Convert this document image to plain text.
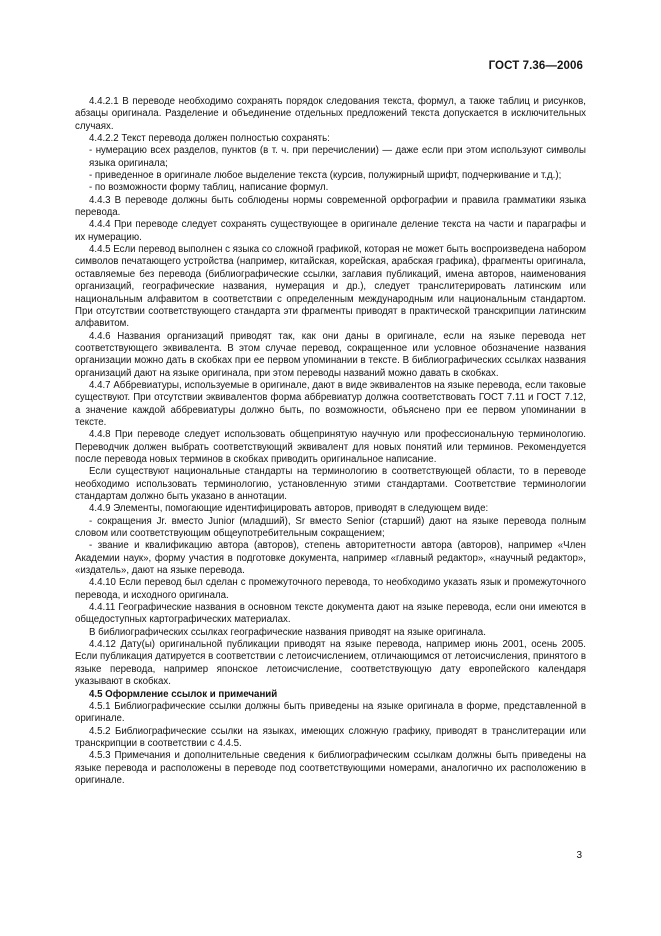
ГОСТ 7.36—2006

4.4.2.1 В переводе необходимо сохранять порядок следования текста, формул, а также таблиц и рисунков, абзацы оригинала. Разделение и объединение отдельных предложений текста допускается в исключительных случаях.

4.4.2.2 Текст перевода должен полностью сохранять:

- нумерацию всех разделов, пунктов (в т. ч. при перечислении) — даже если при этом используют символы языка оригинала;

- приведенное в оригинале любое выделение текста (курсив, полужирный шрифт, подчеркивание и т.д.);

- по возможности форму таблиц, написание формул.

4.4.3 В переводе должны быть соблюдены нормы современной орфографии и правила грамматики языка перевода.

4.4.4 При переводе следует сохранять существующее в оригинале деление текста на части и параграфы и их нумерацию.

4.4.5 Если перевод выполнен с языка со сложной графикой, которая не может быть воспроизведена набором символов печатающего устройства (например, китайская, корейская, арабская графика), фрагменты оригинала, оставляемые без перевода (библиографические ссылки, заглавия публикаций, имена авторов, наименования организаций, географические названия, нумерация и др.), следует транслитерировать латинским или национальным алфавитом в соответствии с определенным международным или национальным стандартом. При отсутствии соответствующего стандарта эти фрагменты приводят в практической транскрипции латинским алфавитом.

4.4.6 Названия организаций приводят так, как они даны в оригинале, если на языке перевода нет соответствующего эквивалента. В этом случае перевод, сокращенное или условное обозначение названия организации можно дать в скобках при ее первом упоминании в тексте. В библиографических ссылках названия организаций дают на языке оригинала, при этом переводы названий можно давать в скобках.

4.4.7 Аббревиатуры, используемые в оригинале, дают в виде эквивалентов на языке перевода, если таковые существуют. При отсутствии эквивалентов форма аббревиатур должна соответствовать ГОСТ 7.11 и ГОСТ 7.12, а значение каждой аббревиатуры должно быть, по возможности, объяснено при ее первом упоминании в тексте.

4.4.8 При переводе следует использовать общепринятую научную или профессиональную терминологию. Переводчик должен выбрать соответствующий эквивалент для новых понятий или терминов. Рекомендуется после перевода новых терминов в скобках приводить оригинальное написание.

Если существуют национальные стандарты на терминологию в соответствующей области, то в переводе необходимо использовать терминологию, установленную этими стандартами. Соответствие терминологии стандартам должно быть указано в аннотации.

4.4.9 Элементы, помогающие идентифицировать авторов, приводят в следующем виде:

- сокращения Jr. вместо Junior (младший), Sr вместо Senior (старший) дают на языке перевода полным словом или соответствующим общеупотребительным сокращением;

- звание и квалификацию автора (авторов), степень авторитетности автора (авторов), например «Член Академии наук», форму участия в подготовке документа, например «главный редактор», «научный редактор», «издатель», дают на языке перевода.

4.4.10 Если перевод был сделан с промежуточного перевода, то необходимо указать язык и промежуточного перевода, и исходного оригинала.

4.4.11 Географические названия в основном тексте документа дают на языке перевода, если они имеются в общедоступных картографических материалах.

В библиографических ссылках географические названия приводят на языке оригинала.

4.4.12 Дату(ы) оригинальной публикации приводят на языке перевода, например июнь 2001, осень 2005. Если публикация датируется в соответствии с летоисчислением, отличающимся от летоисчисления, принятого в языке перевода, например японское летоисчисление, соответствующую дату европейского календаря указывают в скобках.

4.5 Оформление ссылок и примечаний

4.5.1 Библиографические ссылки должны быть приведены на языке оригинала в форме, представленной в оригинале.

4.5.2 Библиографические ссылки на языках, имеющих сложную графику, приводят в транслитерации или транскрипции в соответствии с 4.4.5.

4.5.3 Примечания и дополнительные сведения к библиографическим ссылкам должны быть приведены на языке перевода и расположены в переводе под соответствующими номерами, аналогично их расположению в оригинале.

3
